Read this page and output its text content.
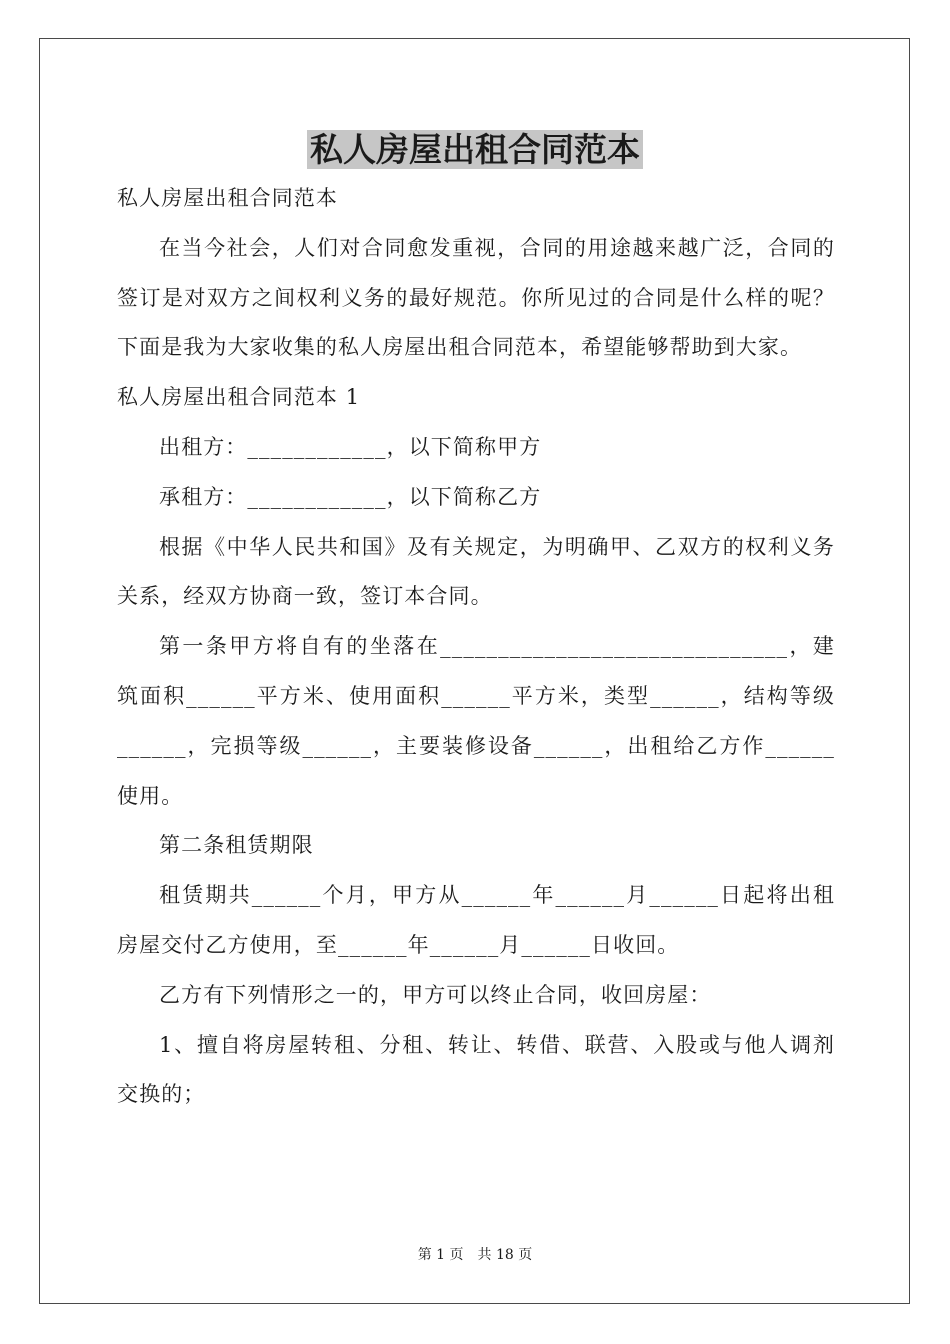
私人房屋出租合同范本

私人房屋出租合同范本

在当今社会，人们对合同愈发重视，合同的用途越来越广泛，合同的签订是对双方之间权利义务的最好规范。你所见过的合同是什么样的呢？下面是我为大家收集的私人房屋出租合同范本，希望能够帮助到大家。

私人房屋出租合同范本 1

出租方：____________，以下简称甲方

承租方：____________，以下简称乙方

根据《中华人民共和国》及有关规定，为明确甲、乙双方的权利义务关系，经双方协商一致，签订本合同。

第一条甲方将自有的坐落在______________________________，建筑面积______平方米、使用面积______平方米，类型______，结构等级______，完损等级______，主要装修设备______，出租给乙方作______使用。

第二条租赁期限

租赁期共______个月，甲方从______年______月______日起将出租房屋交付乙方使用，至______年______月______日收回。

乙方有下列情形之一的，甲方可以终止合同，收回房屋：

1、擅自将房屋转租、分租、转让、转借、联营、入股或与他人调剂交换的；

第 1 页　共 18 页
